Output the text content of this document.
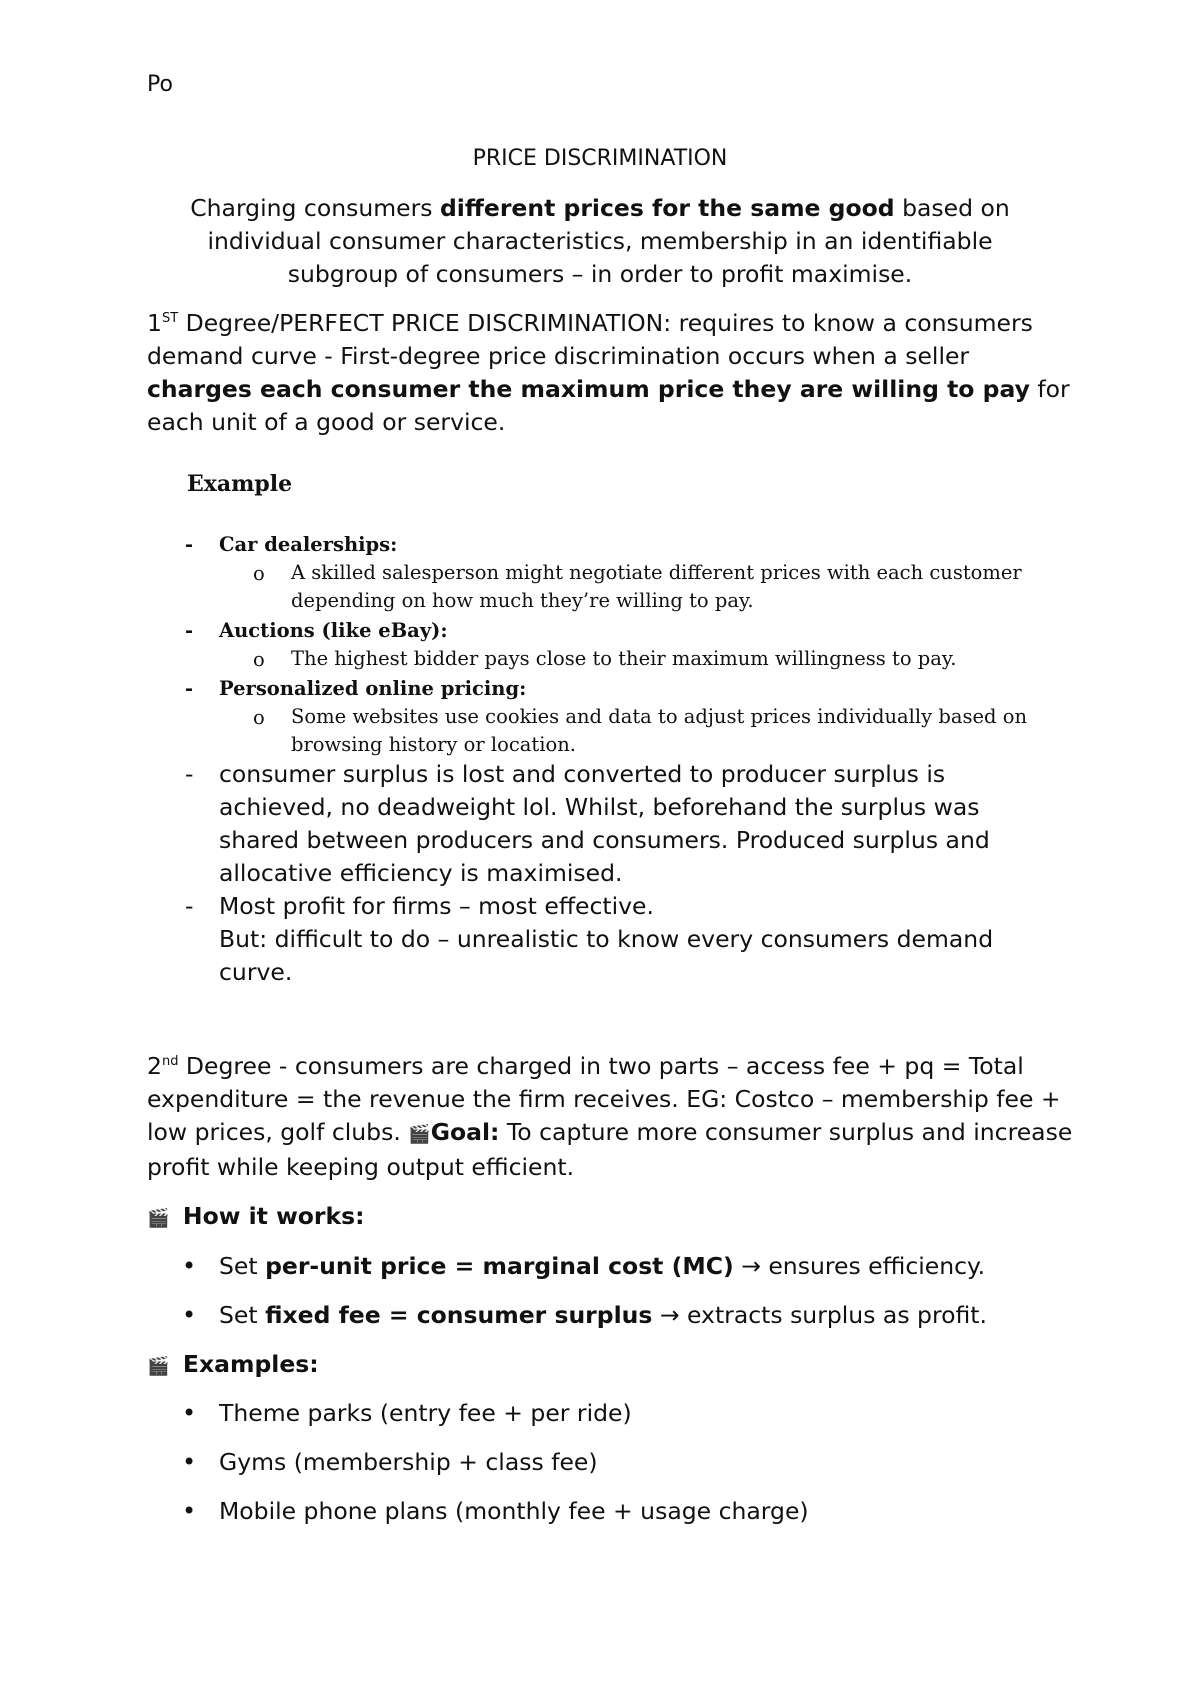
Po
PRICE DISCRIMINATION
Charging consumers different prices for the same good based on individual consumer characteristics, membership in an identifiable subgroup of consumers – in order to profit maximise.
1ST Degree/PERFECT PRICE DISCRIMINATION: requires to know a consumers demand curve - First-degree price discrimination occurs when a seller charges each consumer the maximum price they are willing to pay for each unit of a good or service.
Example
- Car dealerships:
o A skilled salesperson might negotiate different prices with each customer
depending on how much they’re willing to pay.
- Auctions (like eBay):
o The highest bidder pays close to their maximum willingness to pay.
- Personalized online pricing:
o Some websites use cookies and data to adjust prices individually based on
browsing history or location.
- consumer surplus is lost and converted to producer surplus is
achieved, no deadweight lol. Whilst, beforehand the surplus was
shared between producers and consumers. Produced surplus and
allocative efficiency is maximised.
- Most profit for firms – most effective.
But: difficult to do – unrealistic to know every consumers demand
curve.
2nd Degree - consumers are charged in two parts – access fee + pq = Total expenditure = the revenue the firm receives. EG: Costco – membership fee + low prices, golf clubs. 🎬Goal: To capture more consumer surplus and increase profit while keeping output efficient.
🎬 How it works:
• Set per-unit price = marginal cost (MC) → ensures efficiency.
• Set fixed fee = consumer surplus → extracts surplus as profit.
🎬 Examples:
• Theme parks (entry fee + per ride)
• Gyms (membership + class fee)
• Mobile phone plans (monthly fee + usage charge)
